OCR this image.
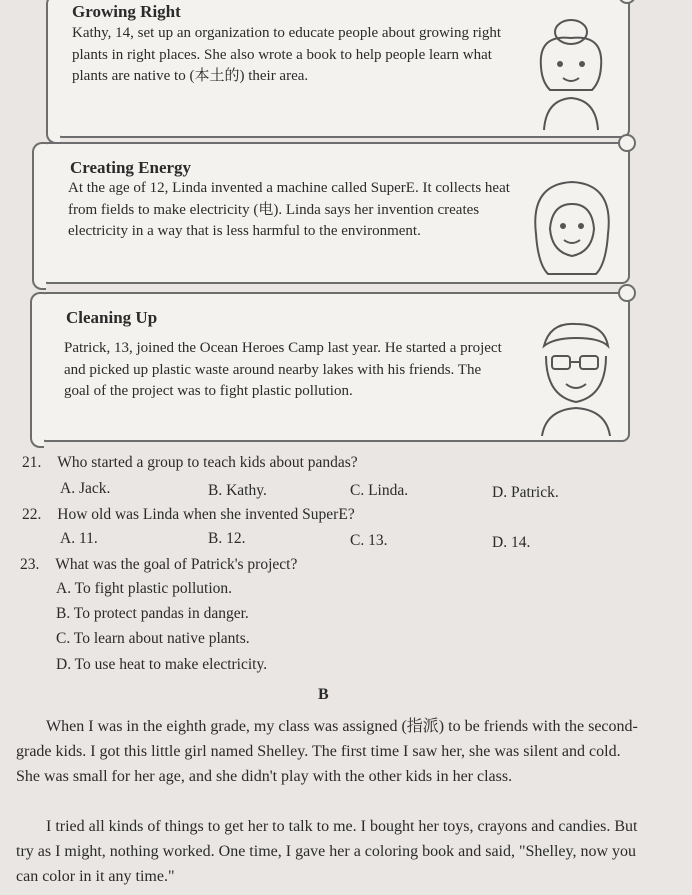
Growing Right

Kathy, 14, set up an organization to educate people about growing right plants in right places. She also wrote a book to help people learn what plants are native to (本土的) their area.

Creating Energy

At the age of 12, Linda invented a machine called SuperE. It collects heat from fields to make electricity (电). Linda says her invention creates electricity in a way that is less harmful to the environment.

Cleaning Up

Patrick, 13, joined the Ocean Heroes Camp last year. He started a project and picked up plastic waste around nearby lakes with his friends. The goal of the project was to fight plastic pollution.

21. Who started a group to teach kids about pandas?
A. Jack.	B. Kathy.	C. Linda.	D. Patrick.
22. How old was Linda when she invented SuperE?
A. 11.	B. 12.	C. 13.	D. 14.
23. What was the goal of Patrick's project?
A. To fight plastic pollution.
B. To protect pandas in danger.
C. To learn about native plants.
D. To use heat to make electricity.
B

When I was in the eighth grade, my class was assigned (指派) to be friends with the second-grade kids. I got this little girl named Shelley. The first time I saw her, she was silent and cold. She was small for her age, and she didn't play with the other kids in her class.

I tried all kinds of things to get her to talk to me. I bought her toys, crayons and candies. But try as I might, nothing worked. One time, I gave her a coloring book and said, "Shelley, now you can color in it any time."
